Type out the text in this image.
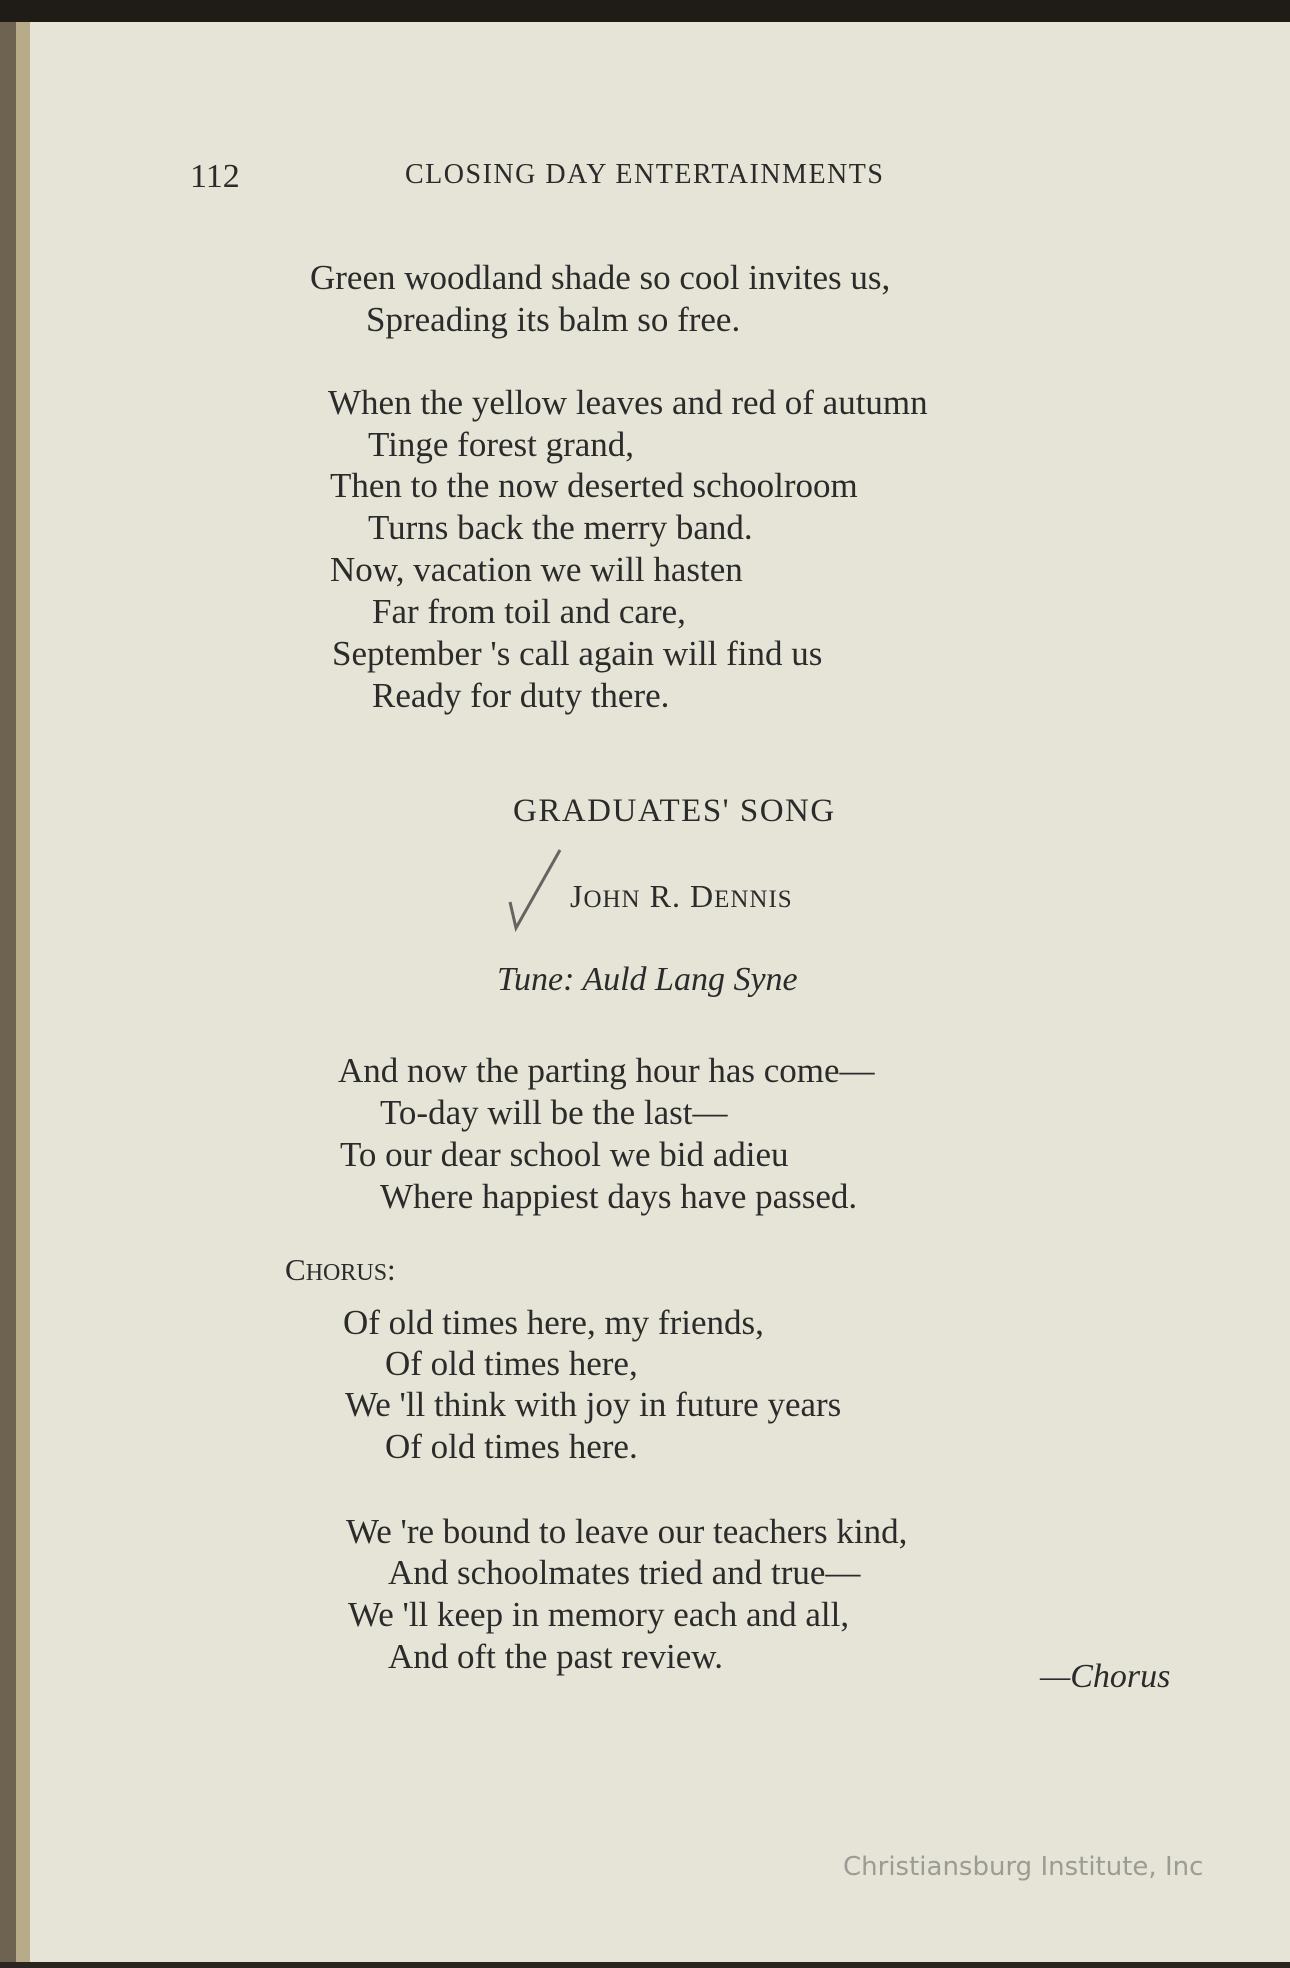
112	CLOSING DAY ENTERTAINMENTS
Green woodland shade so cool invites us,
Spreading its balm so free.
When the yellow leaves and red of autumn
Tinge forest grand,
Then to the now deserted schoolroom
Turns back the merry band.
Now, vacation we will hasten
Far from toil and care,
September 's call again will find us
Ready for duty there.
GRADUATES' SONG
JOHN R. DENNIS
Tune: Auld Lang Syne
And now the parting hour has come—
To-day will be the last—
To our dear school we bid adieu
Where happiest days have passed.
CHORUS:
Of old times here, my friends,
Of old times here,
We 'll think with joy in future years
Of old times here.
We 're bound to leave our teachers kind,
And schoolmates tried and true—
We 'll keep in memory each and all,
And oft the past review.
—Chorus
Christiansburg Institute, Inc
